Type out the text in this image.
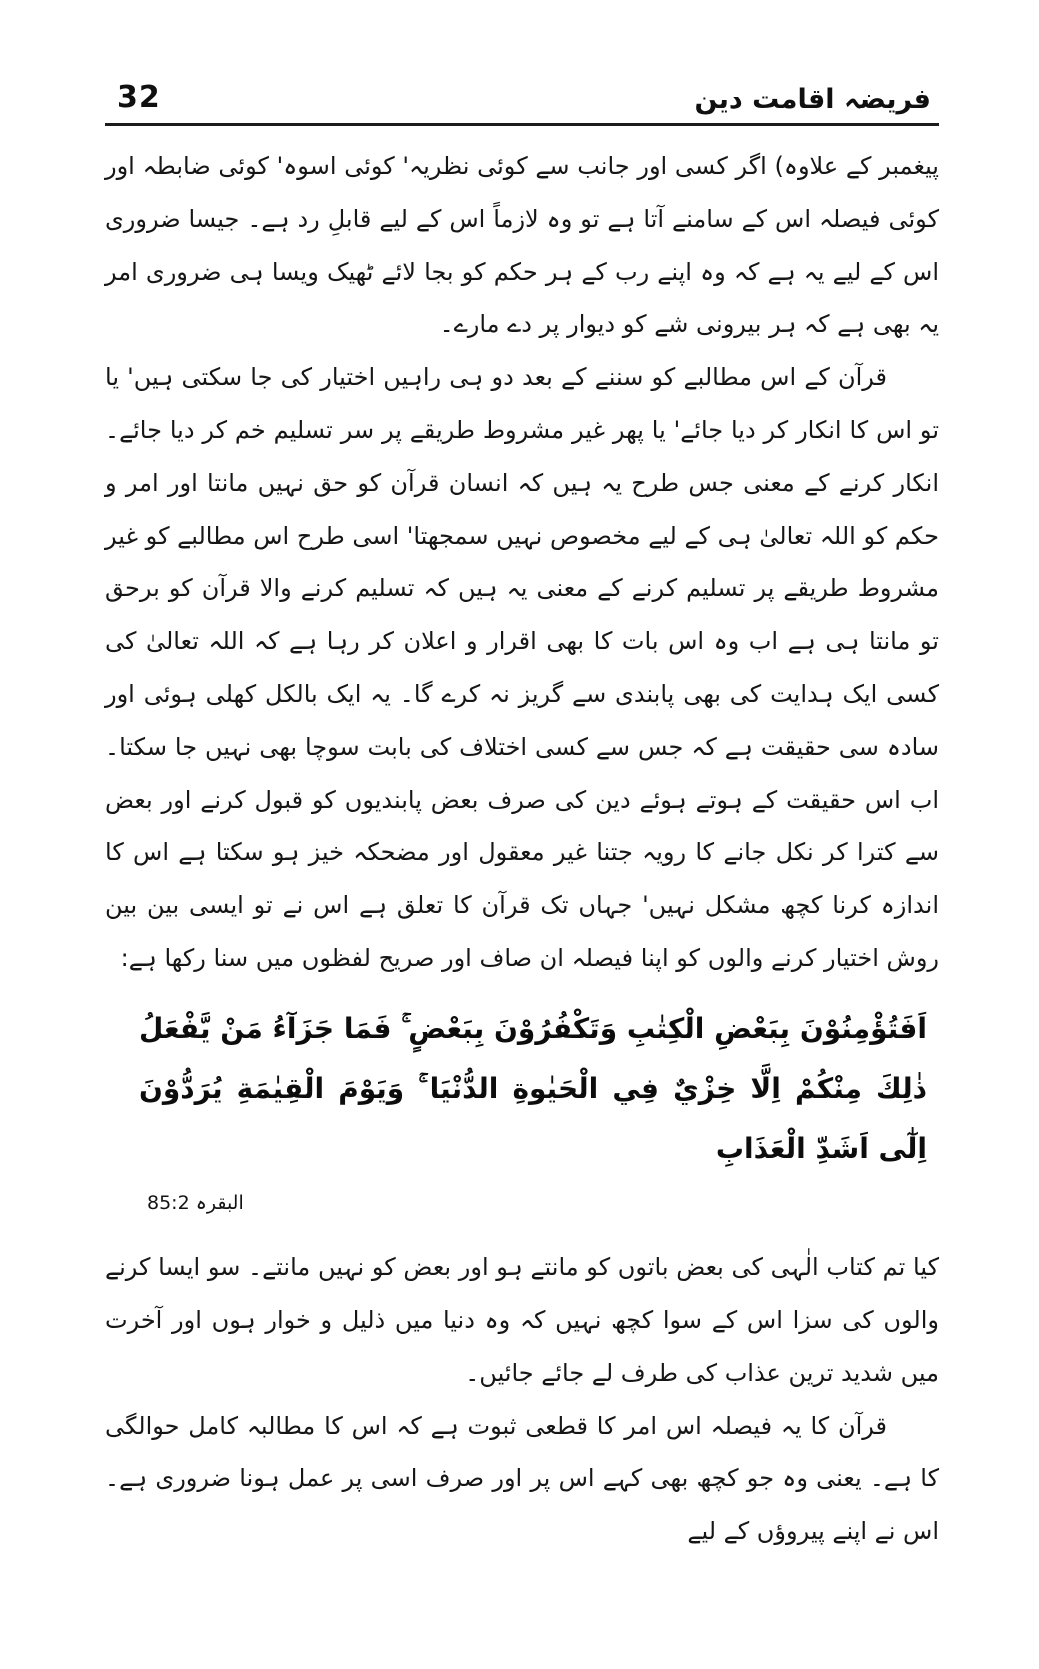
32	فریضہ اقامت دین

پیغمبر کے علاوہ) اگر کسی اور جانب سے کوئی نظریہ' کوئی اسوہ' کوئی ضابطہ اور کوئی فیصلہ اس کے سامنے آتا ہے تو وہ لازماً اس کے لیے قابلِ رد ہے۔ جیسا ضروری اس کے لیے یہ ہے کہ وہ اپنے رب کے ہر حکم کو بجا لائے ٹھیک ویسا ہی ضروری امر یہ بھی ہے کہ ہر بیرونی شے کو دیوار پر دے مارے۔

قرآن کے اس مطالبے کو سننے کے بعد دو ہی راہیں اختیار کی جا سکتی ہیں' یا تو اس کا انکار کر دیا جائے' یا پھر غیر مشروط طریقے پر سر تسلیم خم کر دیا جائے۔ انکار کرنے کے معنی جس طرح یہ ہیں کہ انسان قرآن کو حق نہیں مانتا اور امر و حکم کو اللہ تعالیٰ ہی کے لیے مخصوص نہیں سمجھتا' اسی طرح اس مطالبے کو غیر مشروط طریقے پر تسلیم کرنے کے معنی یہ ہیں کہ تسلیم کرنے والا قرآن کو برحق تو مانتا ہی ہے اب وہ اس بات کا بھی اقرار و اعلان کر رہا ہے کہ اللہ تعالیٰ کی کسی ایک ہدایت کی بھی پابندی سے گریز نہ کرے گا۔ یہ ایک بالکل کھلی ہوئی اور سادہ سی حقیقت ہے کہ جس سے کسی اختلاف کی بابت سوچا بھی نہیں جا سکتا۔ اب اس حقیقت کے ہوتے ہوئے دین کی صرف بعض پابندیوں کو قبول کرنے اور بعض سے کترا کر نکل جانے کا رویہ جتنا غیر معقول اور مضحکہ خیز ہو سکتا ہے اس کا اندازہ کرنا کچھ مشکل نہیں' جہاں تک قرآن کا تعلق ہے اس نے تو ایسی بین بین روش اختیار کرنے والوں کو اپنا فیصلہ ان صاف اور صریح لفظوں میں سنا رکھا ہے:

اَفَتُؤْمِنُوْنَ بِبَعْضِ الْكِتٰبِ وَتَكْفُرُوْنَ بِبَعْضٍ ۚ فَمَا جَزَآءُ مَنْ يَّفْعَلُ ذٰلِكَ مِنْكُمْ اِلَّا خِزْيٌ فِي الْحَيٰوةِ الدُّنْيَا ۚ وَيَوْمَ الْقِيٰمَةِ يُرَدُّوْنَ اِلٰٓى اَشَدِّ الْعَذَابِ
البقرہ 85:2

کیا تم کتاب الٰہی کی بعض باتوں کو مانتے ہو اور بعض کو نہیں مانتے۔ سو ایسا کرنے والوں کی سزا اس کے سوا کچھ نہیں کہ وہ دنیا میں ذلیل و خوار ہوں اور آخرت میں شدید ترین عذاب کی طرف لے جائے جائیں۔

قرآن کا یہ فیصلہ اس امر کا قطعی ثبوت ہے کہ اس کا مطالبہ کامل حوالگی کا ہے۔ یعنی وہ جو کچھ بھی کہے اس پر اور صرف اسی پر عمل ہونا ضروری ہے۔ اس نے اپنے پیروؤں کے لیے
